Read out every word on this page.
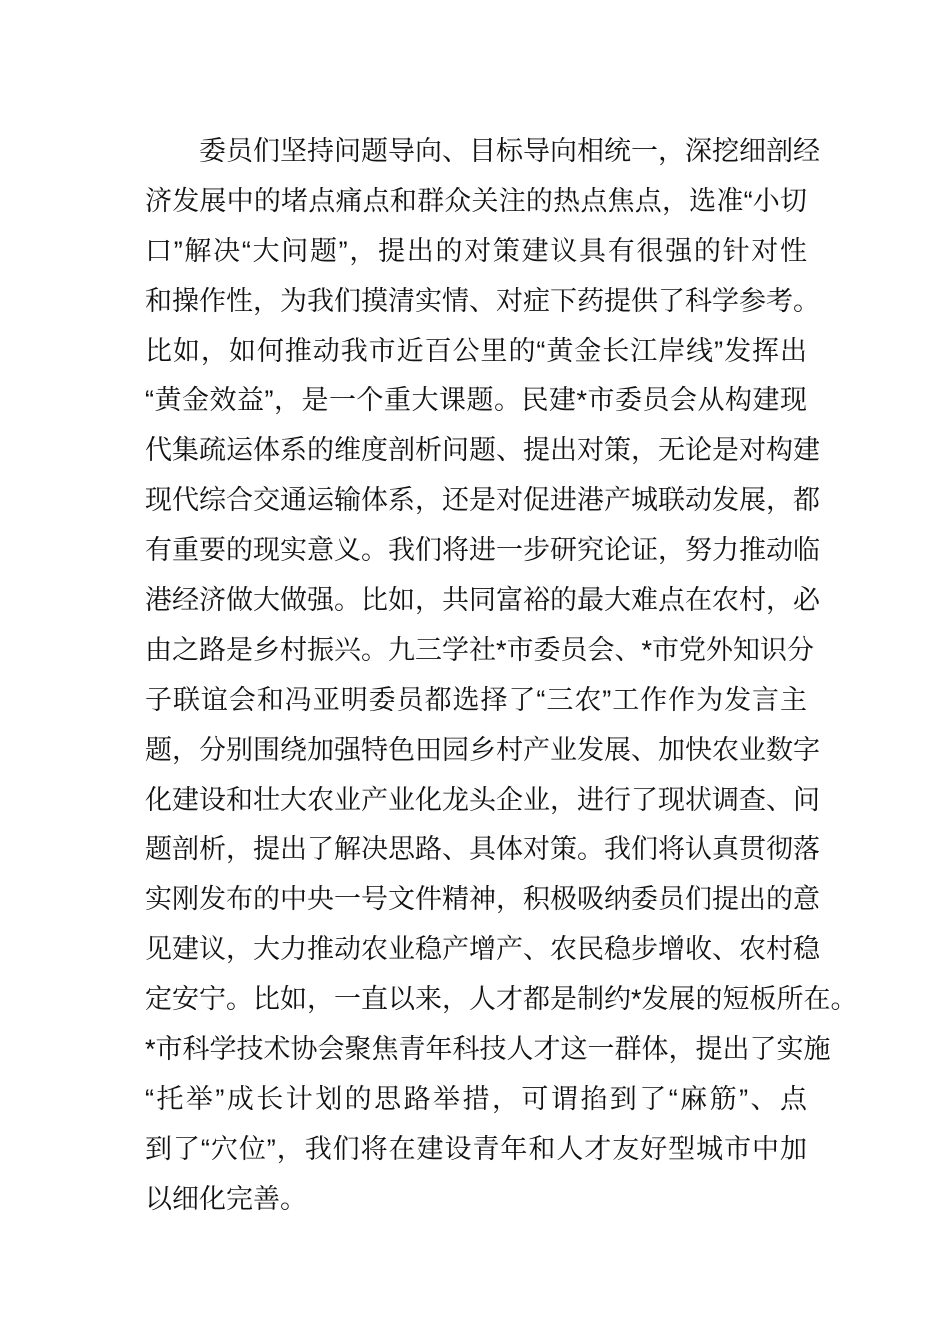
委员们坚持问题导向、目标导向相统一，深挖细剖经
济发展中的堵点痛点和群众关注的热点焦点，选准“小切
口”解决“大问题”，提出的对策建议具有很强的针对性
和操作性，为我们摸清实情、对症下药提供了科学参考。
比如，如何推动我市近百公里的“黄金长江岸线”发挥出
“黄金效益”，是一个重大课题。民建*市委员会从构建现
代集疏运体系的维度剖析问题、提出对策，无论是对构建
现代综合交通运输体系，还是对促进港产城联动发展，都
有重要的现实意义。我们将进一步研究论证，努力推动临
港经济做大做强。比如，共同富裕的最大难点在农村，必
由之路是乡村振兴。九三学社*市委员会、*市党外知识分
子联谊会和冯亚明委员都选择了“三农”工作作为发言主
题，分别围绕加强特色田园乡村产业发展、加快农业数字
化建设和壮大农业产业化龙头企业，进行了现状调查、问
题剖析，提出了解决思路、具体对策。我们将认真贯彻落
实刚发布的中央一号文件精神，积极吸纳委员们提出的意
见建议，大力推动农业稳产增产、农民稳步增收、农村稳
定安宁。比如，一直以来，人才都是制约*发展的短板所在。
*市科学技术协会聚焦青年科技人才这一群体，提出了实施
“托举”成长计划的思路举措，可谓掐到了“麻筋”、点
到了“穴位”，我们将在建设青年和人才友好型城市中加
以细化完善。
